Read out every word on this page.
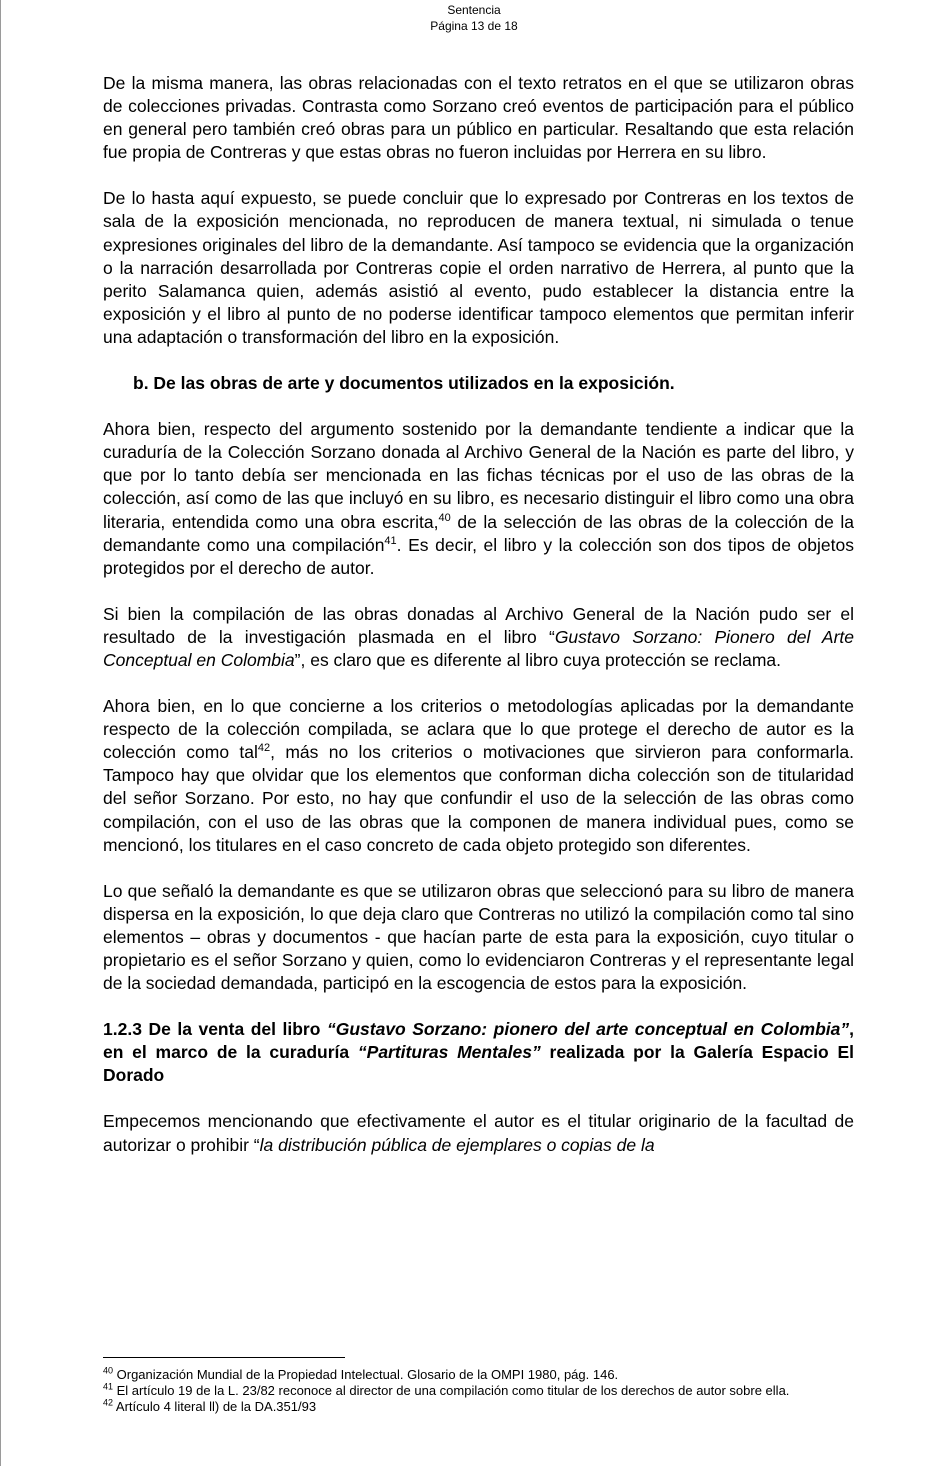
Sentencia
Página 13 de 18

De la misma manera, las obras relacionadas con el texto retratos en el que se utilizaron obras de colecciones privadas. Contrasta como Sorzano creó eventos de participación para el público en general pero también creó obras para un público en particular. Resaltando que esta relación fue propia de Contreras y que estas obras no fueron incluidas por Herrera en su libro.

De lo hasta aquí expuesto, se puede concluir que lo expresado por Contreras en los textos de sala de la exposición mencionada, no reproducen de manera textual, ni simulada o tenue expresiones originales del libro de la demandante. Así tampoco se evidencia que la organización o la narración desarrollada por Contreras copie el orden narrativo de Herrera, al punto que la perito Salamanca quien, además asistió al evento, pudo establecer la distancia entre la exposición y el libro al punto de no poderse identificar tampoco elementos que permitan inferir una adaptación o transformación del libro en la exposición.

b. De las obras de arte y documentos utilizados en la exposición.

Ahora bien, respecto del argumento sostenido por la demandante tendiente a indicar que la curaduría de la Colección Sorzano donada al Archivo General de la Nación es parte del libro, y que por lo tanto debía ser mencionada en las fichas técnicas por el uso de las obras de la colección, así como de las que incluyó en su libro, es necesario distinguir el libro como una obra literaria, entendida como una obra escrita,$^{40}$ de la selección de las obras de la colección de la demandante como una compilación$^{41}$. Es decir, el libro y la colección son dos tipos de objetos protegidos por el derecho de autor.

Si bien la compilación de las obras donadas al Archivo General de la Nación pudo ser el resultado de la investigación plasmada en el libro “Gustavo Sorzano: Pionero del Arte Conceptual en Colombia”, es claro que es diferente al libro cuya protección se reclama.

Ahora bien, en lo que concierne a los criterios o metodologías aplicadas por la demandante respecto de la colección compilada, se aclara que lo que protege el derecho de autor es la colección como tal$^{42}$, más no los criterios o motivaciones que sirvieron para conformarla. Tampoco hay que olvidar que los elementos que conforman dicha colección son de titularidad del señor Sorzano. Por esto, no hay que confundir el uso de la selección de las obras como compilación, con el uso de las obras que la componen de manera individual pues, como se mencionó, los titulares en el caso concreto de cada objeto protegido son diferentes.

Lo que señaló la demandante es que se utilizaron obras que seleccionó para su libro de manera dispersa en la exposición, lo que deja claro que Contreras no utilizó la compilación como tal sino elementos – obras y documentos - que hacían parte de esta para la exposición, cuyo titular o propietario es el señor Sorzano y quien, como lo evidenciaron Contreras y el representante legal de la sociedad demandada, participó en la escogencia de estos para la exposición.

1.2.3 De la venta del libro “Gustavo Sorzano: pionero del arte conceptual en Colombia”, en el marco de la curaduría “Partituras Mentales” realizada por la Galería Espacio El Dorado

Empecemos mencionando que efectivamente el autor es el titular originario de la facultad de autorizar o prohibir “la distribución pública de ejemplares o copias de la

$^{40}$ Organización Mundial de la Propiedad Intelectual. Glosario de la OMPI 1980, pág. 146.

$^{41}$ El artículo 19 de la L. 23/82 reconoce al director de una compilación como titular de los derechos de autor sobre ella.

$^{42}$ Artículo 4 literal ll) de la DA.351/93
